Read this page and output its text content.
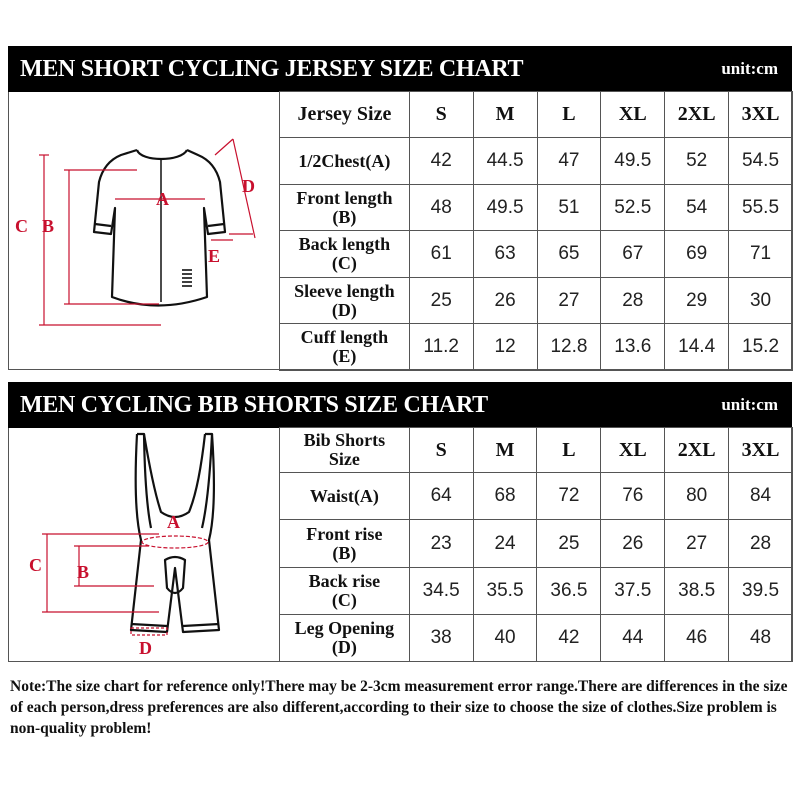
MEN SHORT CYCLING JERSEY SIZE CHART	unit:cm
A
C B
D
E
Jersey Size	S	M	L	XL	2XL	3XL
1/2Chest(A)	42	44.5	47	49.5	52	54.5
Front length
(B)	48	49.5	51	52.5	54	55.5
Back length
(C)	61	63	65	67	69	71
Sleeve length
(D)	25	26	27	28	29	30
Cuff length
(E)	11.2	12	12.8	13.6	14.4	15.2
MEN CYCLING BIB SHORTS SIZE CHART	unit:cm
A
C B
D
Bib Shorts
Size	S	M	L	XL	2XL	3XL
Waist(A)	64	68	72	76	80	84
Front rise
(B)	23	24	25	26	27	28
Back rise
(C)	34.5	35.5	36.5	37.5	38.5	39.5
Leg Opening
(D)	38	40	42	44	46	48

Note:The size chart for reference only!There may be 2-3cm measurement error range.There are differences in the size of each person,dress preferences are also different,according to their size to choose the size of clothes.Size problem is non-quality problem!
